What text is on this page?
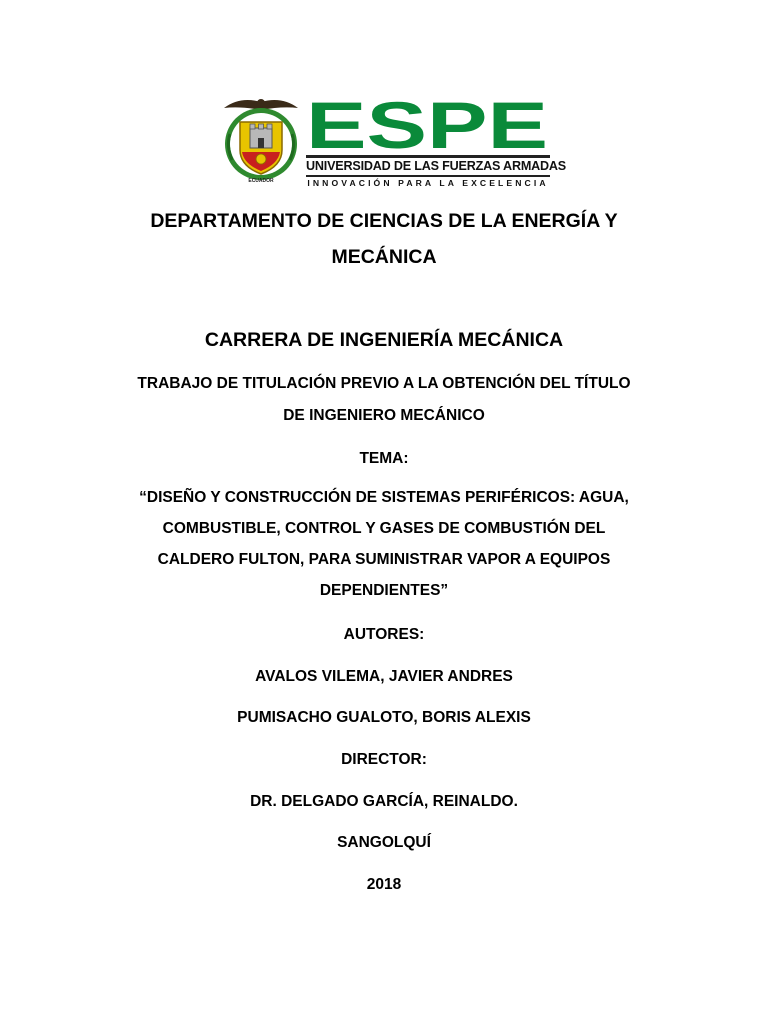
ECUADOR
ESPE
UNIVERSIDAD DE LAS FUERZAS ARMADAS
INNOVACIÓN PARA LA EXCELENCIA
DEPARTAMENTO DE CIENCIAS DE LA ENERGÍA Y
MECÁNICA
CARRERA DE INGENIERÍA MECÁNICA
TRABAJO DE TITULACIÓN PREVIO A LA OBTENCIÓN DEL TÍTULO
DE INGENIERO MECÁNICO
TEMA:
“DISEÑO Y CONSTRUCCIÓN DE SISTEMAS PERIFÉRICOS: AGUA,
COMBUSTIBLE, CONTROL Y GASES DE COMBUSTIÓN DEL
CALDERO FULTON, PARA SUMINISTRAR VAPOR A EQUIPOS
DEPENDIENTES”
AUTORES:
AVALOS VILEMA, JAVIER ANDRES
PUMISACHO GUALOTO, BORIS ALEXIS
DIRECTOR:
DR. DELGADO GARCÍA, REINALDO.
SANGOLQUÍ
2018
